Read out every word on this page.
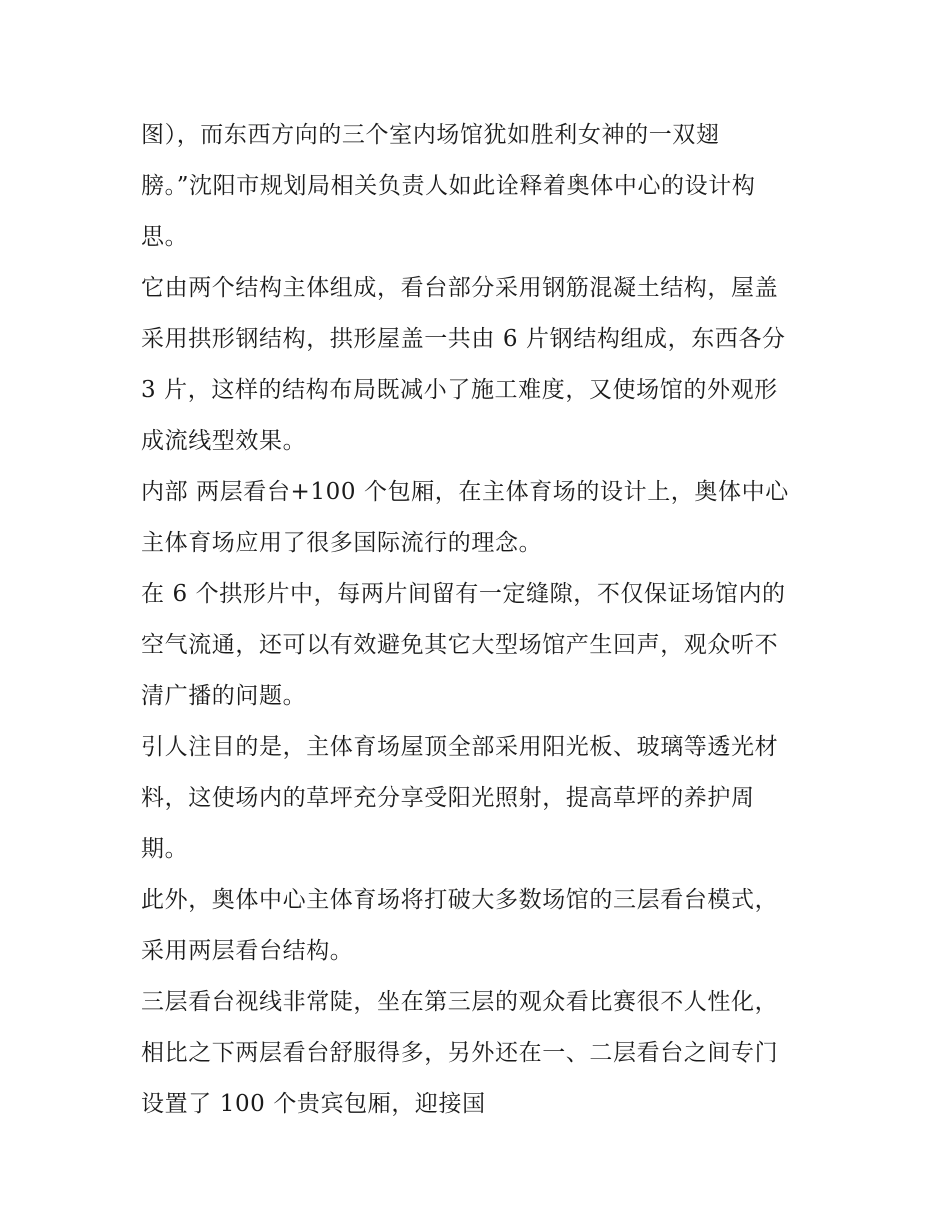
图），而东西方向的三个室内场馆犹如胜利女神的一双翅
膀。”沈阳市规划局相关负责人如此诠释着奥体中心的设计构
思。

它由两个结构主体组成，看台部分采用钢筋混凝土结构，屋盖
采用拱形钢结构，拱形屋盖一共由 6 片钢结构组成，东西各分
3 片，这样的结构布局既减小了施工难度，又使场馆的外观形
成流线型效果。

内部 两层看台+100 个包厢，在主体育场的设计上，奥体中心
主体育场应用了很多国际流行的理念。

在 6 个拱形片中，每两片间留有一定缝隙，不仅保证场馆内的
空气流通，还可以有效避免其它大型场馆产生回声，观众听不
清广播的问题。

引人注目的是，主体育场屋顶全部采用阳光板、玻璃等透光材
料，这使场内的草坪充分享受阳光照射，提高草坪的养护周
期。

此外，奥体中心主体育场将打破大多数场馆的三层看台模式，
采用两层看台结构。

三层看台视线非常陡，坐在第三层的观众看比赛很不人性化，
相比之下两层看台舒服得多，另外还在一、二层看台之间专门
设置了 100 个贵宾包厢，迎接国
